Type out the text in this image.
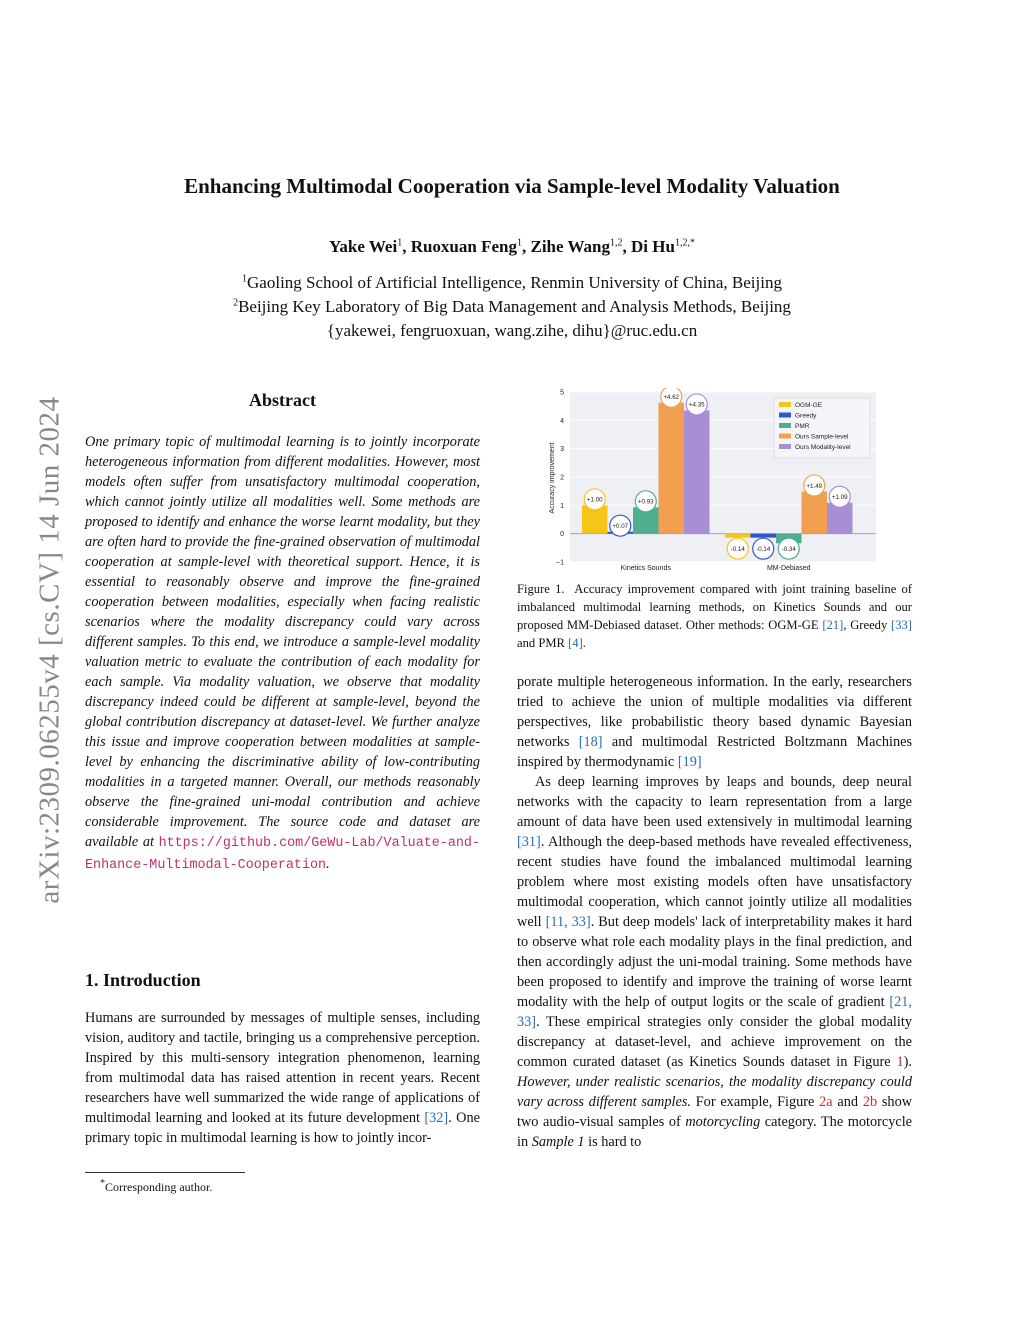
arXiv:2309.06255v4 [cs.CV] 14 Jun 2024
Enhancing Multimodal Cooperation via Sample-level Modality Valuation
Yake Wei$^1$, Ruoxuan Feng$^1$, Zihe Wang$^{1,2}$, Di $Hu^{1,2,*}$
$^1$Gaoling School of Artificial Intelligence, Renmin University of China, Beijing
$^2$Beijing Key Laboratory of Big Data Management and Analysis Methods, Beijing
{yakewei, fengruoxuan, wang.zihe, dihu}@ruc.edu.cn
Abstract
One primary topic of multimodal learning is to jointly incorporate heterogeneous information from different modalities. However, most models often suffer from unsatisfactory multimodal cooperation, which cannot jointly utilize all modalities well. Some methods are proposed to identify and enhance the worse learnt modality, but they are often hard to provide the fine-grained observation of multimodal cooperation at sample-level with theoretical support. Hence, it is essential to reasonably observe and improve the fine-grained cooperation between modalities, especially when facing realistic scenarios where the modality discrepancy could vary across different samples. To this end, we introduce a sample-level modality valuation metric to evaluate the contribution of each modality for each sample. Via modality valuation, we observe that modality discrepancy indeed could be different at sample-level, beyond the global contribution discrepancy at dataset-level. We further analyze this issue and improve cooperation between modalities at sample-level by enhancing the discriminative ability of low-contributing modalities in a targeted manner. Overall, our methods reasonably observe the fine-grained uni-modal contribution and achieve considerable improvement. The source code and dataset are available at https://github.com/GeWu-Lab/Valuate-and-Enhance-Multimodal-Cooperation.
1. Introduction
Humans are surrounded by messages of multiple senses, including vision, auditory and tactile, bringing us a comprehensive perception. Inspired by this multi-sensory integration phenomenon, learning from multimodal data has raised attention in recent years. Recent researchers have well summarized the wide range of applications of multimodal learning and looked at its future development [32]. One primary topic in multimodal learning is how to jointly incor-
*Corresponding author.
5
4
3
2
1
0
−1
+1.00
+0.07
+0.93
+4.62
+4.35
-0.14 -0.14 -0.34
+1.49
+1.09
Kinetics Sounds	MM-Debiased
Accuracy improvement
OGM-GE
Greedy
PMR
Ours Sample-level
Ours Modality-level
Figure 1. Accuracy improvement compared with joint training baseline of imbalanced multimodal learning methods, on Kinetics Sounds and our proposed MM-Debiased dataset. Other methods: OGM-GE [21], Greedy [33] and PMR [4].
porate multiple heterogeneous information. In the early, researchers tried to achieve the union of multiple modalities via different perspectives, like probabilistic theory based dynamic Bayesian networks [18] and multimodal Restricted Boltzmann Machines inspired by thermodynamic [19]
As deep learning improves by leaps and bounds, deep neural networks with the capacity to learn representation from a large amount of data have been used extensively in multimodal learning [31]. Although the deep-based methods have revealed effectiveness, recent studies have found the imbalanced multimodal learning problem where most existing models often have unsatisfactory multimodal cooperation, which cannot jointly utilize all modalities well [11, 33]. But deep models' lack of interpretability makes it hard to observe what role each modality plays in the final prediction, and then accordingly adjust the uni-modal training. Some methods have been proposed to identify and improve the training of worse learnt modality with the help of output logits or the scale of gradient [21, 33]. These empirical strategies only consider the global modality discrepancy at dataset-level, and achieve improvement on the common curated dataset (as Kinetics Sounds dataset in Figure 1). However, under realistic scenarios, the modality discrepancy could vary across different samples. For example, Figure 2a and 2b show two audio-visual samples of motorcycling category. The motorcycle in Sample 1 is hard to
